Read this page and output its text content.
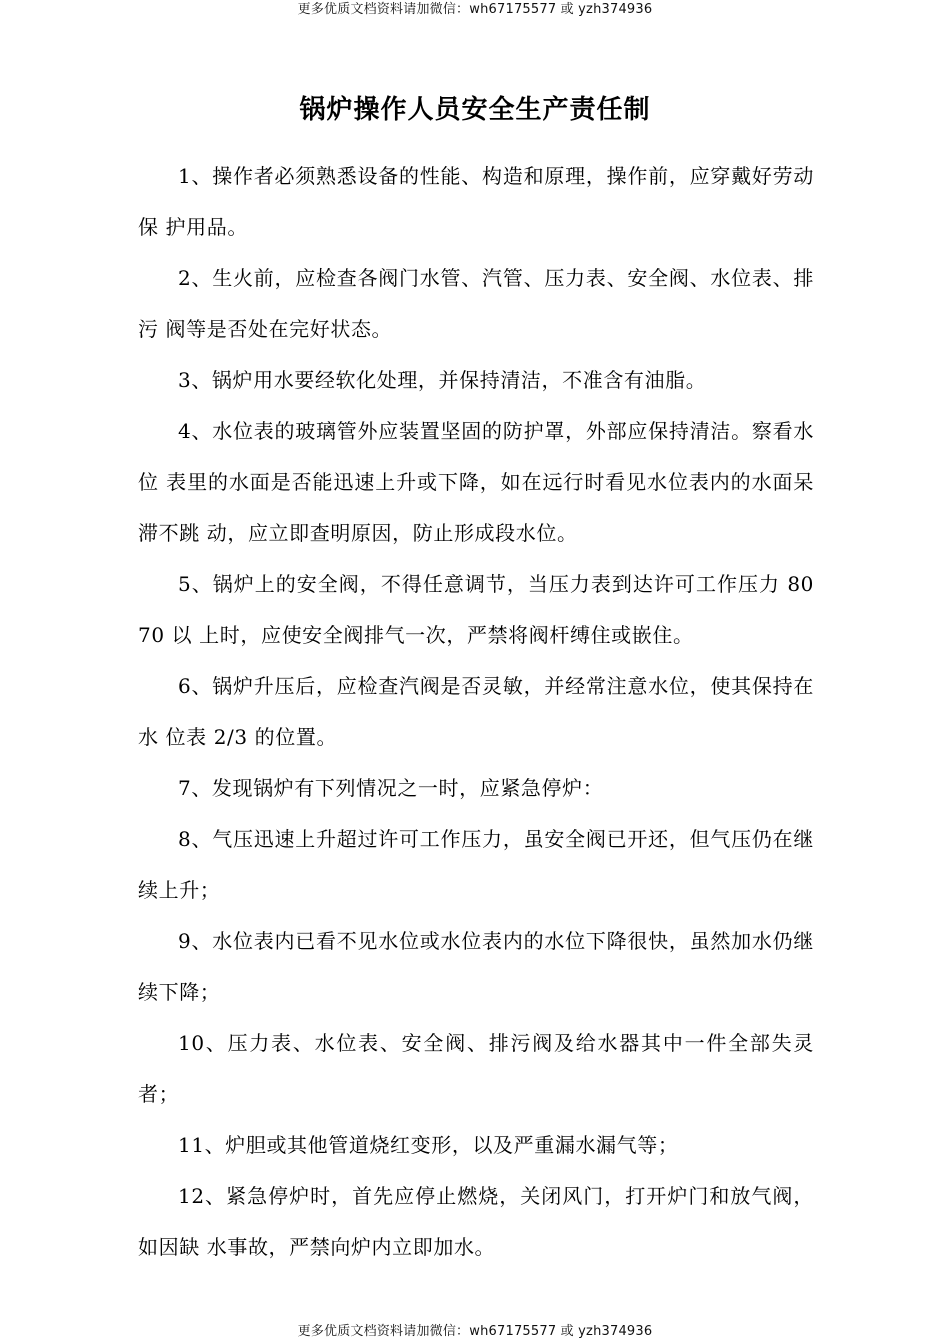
更多优质文档资料请加微信：wh67175577 或 yzh374936
锅炉操作人员安全生产责任制

1、操作者必须熟悉设备的性能、构造和原理，操作前，应穿戴好劳动保 护用品。

2、生火前，应检查各阀门水管、汽管、压力表、安全阀、水位表、排污 阀等是否处在完好状态。

3、锅炉用水要经软化处理，并保持清洁，不准含有油脂。

4、水位表的玻璃管外应装置坚固的防护罩，外部应保持清洁。察看水位 表里的水面是否能迅速上升或下降，如在远行时看见水位表内的水面呆滞不跳 动，应立即查明原因，防止形成段水位。

5、锅炉上的安全阀，不得任意调节，当压力表到达许可工作压力 8070 以 上时，应使安全阀排气一次，严禁将阀杆缚住或嵌住。

6、锅炉升压后，应检查汽阀是否灵敏，并经常注意水位，使其保持在水 位表 2/3 的位置。

7、发现锅炉有下列情况之一时，应紧急停炉：

8、气压迅速上升超过许可工作压力，虽安全阀已开还，但气压仍在继续上升；

9、水位表内已看不见水位或水位表内的水位下降很快，虽然加水仍继续下降；

10、压力表、水位表、安全阀、排污阀及给水器其中一件全部失灵者；

11、炉胆或其他管道烧红变形，以及严重漏水漏气等；

12、紧急停炉时，首先应停止燃烧，关闭风门，打开炉门和放气阀，如因缺 水事故，严禁向炉内立即加水。

更多优质文档资料请加微信：wh67175577 或 yzh374936
